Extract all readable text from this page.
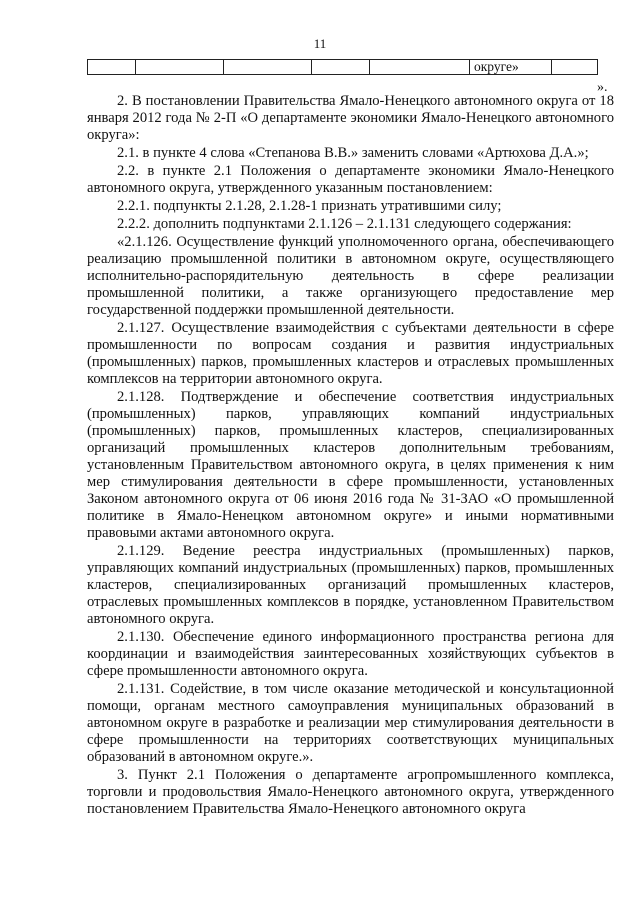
11
					округе»	
».

2. В постановлении Правительства Ямало-Ненецкого автономного округа от 18 января 2012 года № 2-П «О департаменте экономики Ямало-Ненецкого автономного округа»:

2.1. в пункте 4 слова «Степанова В.В.» заменить словами «Артюхова Д.А.»;

2.2. в пункте 2.1 Положения о департаменте экономики Ямало-Ненецкого автономного округа, утвержденного указанным постановлением:

2.2.1. подпункты 2.1.28, 2.1.28-1 признать утратившими силу;

2.2.2. дополнить подпунктами 2.1.126 – 2.1.131 следующего содержания:

«2.1.126. Осуществление функций уполномоченного органа, обеспечивающего реализацию промышленной политики в автономном округе, осуществляющего исполнительно-распорядительную деятельность в сфере реализации промышленной политики, а также организующего предоставление мер государственной поддержки промышленной деятельности.

2.1.127. Осуществление взаимодействия с субъектами деятельности в сфере промышленности по вопросам создания и развития индустриальных (промышленных) парков, промышленных кластеров и отраслевых промышленных комплексов на территории автономного округа.

2.1.128. Подтверждение и обеспечение соответствия индустриальных (промышленных) парков, управляющих компаний индустриальных (промышленных) парков, промышленных кластеров, специализированных организаций промышленных кластеров дополнительным требованиям, установленным Правительством автономного округа, в целях применения к ним мер стимулирования деятельности в сфере промышленности, установленных Законом автономного округа от 06 июня 2016 года № 31-ЗАО «О промышленной политике в Ямало-Ненецком автономном округе» и иными нормативными правовыми актами автономного округа.

2.1.129. Ведение реестра индустриальных (промышленных) парков, управляющих компаний индустриальных (промышленных) парков, промышленных кластеров, специализированных организаций промышленных кластеров, отраслевых промышленных комплексов в порядке, установленном Правительством автономного округа.

2.1.130. Обеспечение единого информационного пространства региона для координации и взаимодействия заинтересованных хозяйствующих субъектов в сфере промышленности автономного округа.

2.1.131. Содействие, в том числе оказание методической и консультационной помощи, органам местного самоуправления муниципальных образований в автономном округе в разработке и реализации мер стимулирования деятельности в сфере промышленности на территориях соответствующих муниципальных образований в автономном округе.».

3. Пункт 2.1 Положения о департаменте агропромышленного комплекса, торговли и продовольствия Ямало-Ненецкого автономного округа, утвержденного постановлением Правительства Ямало-Ненецкого автономного округа
